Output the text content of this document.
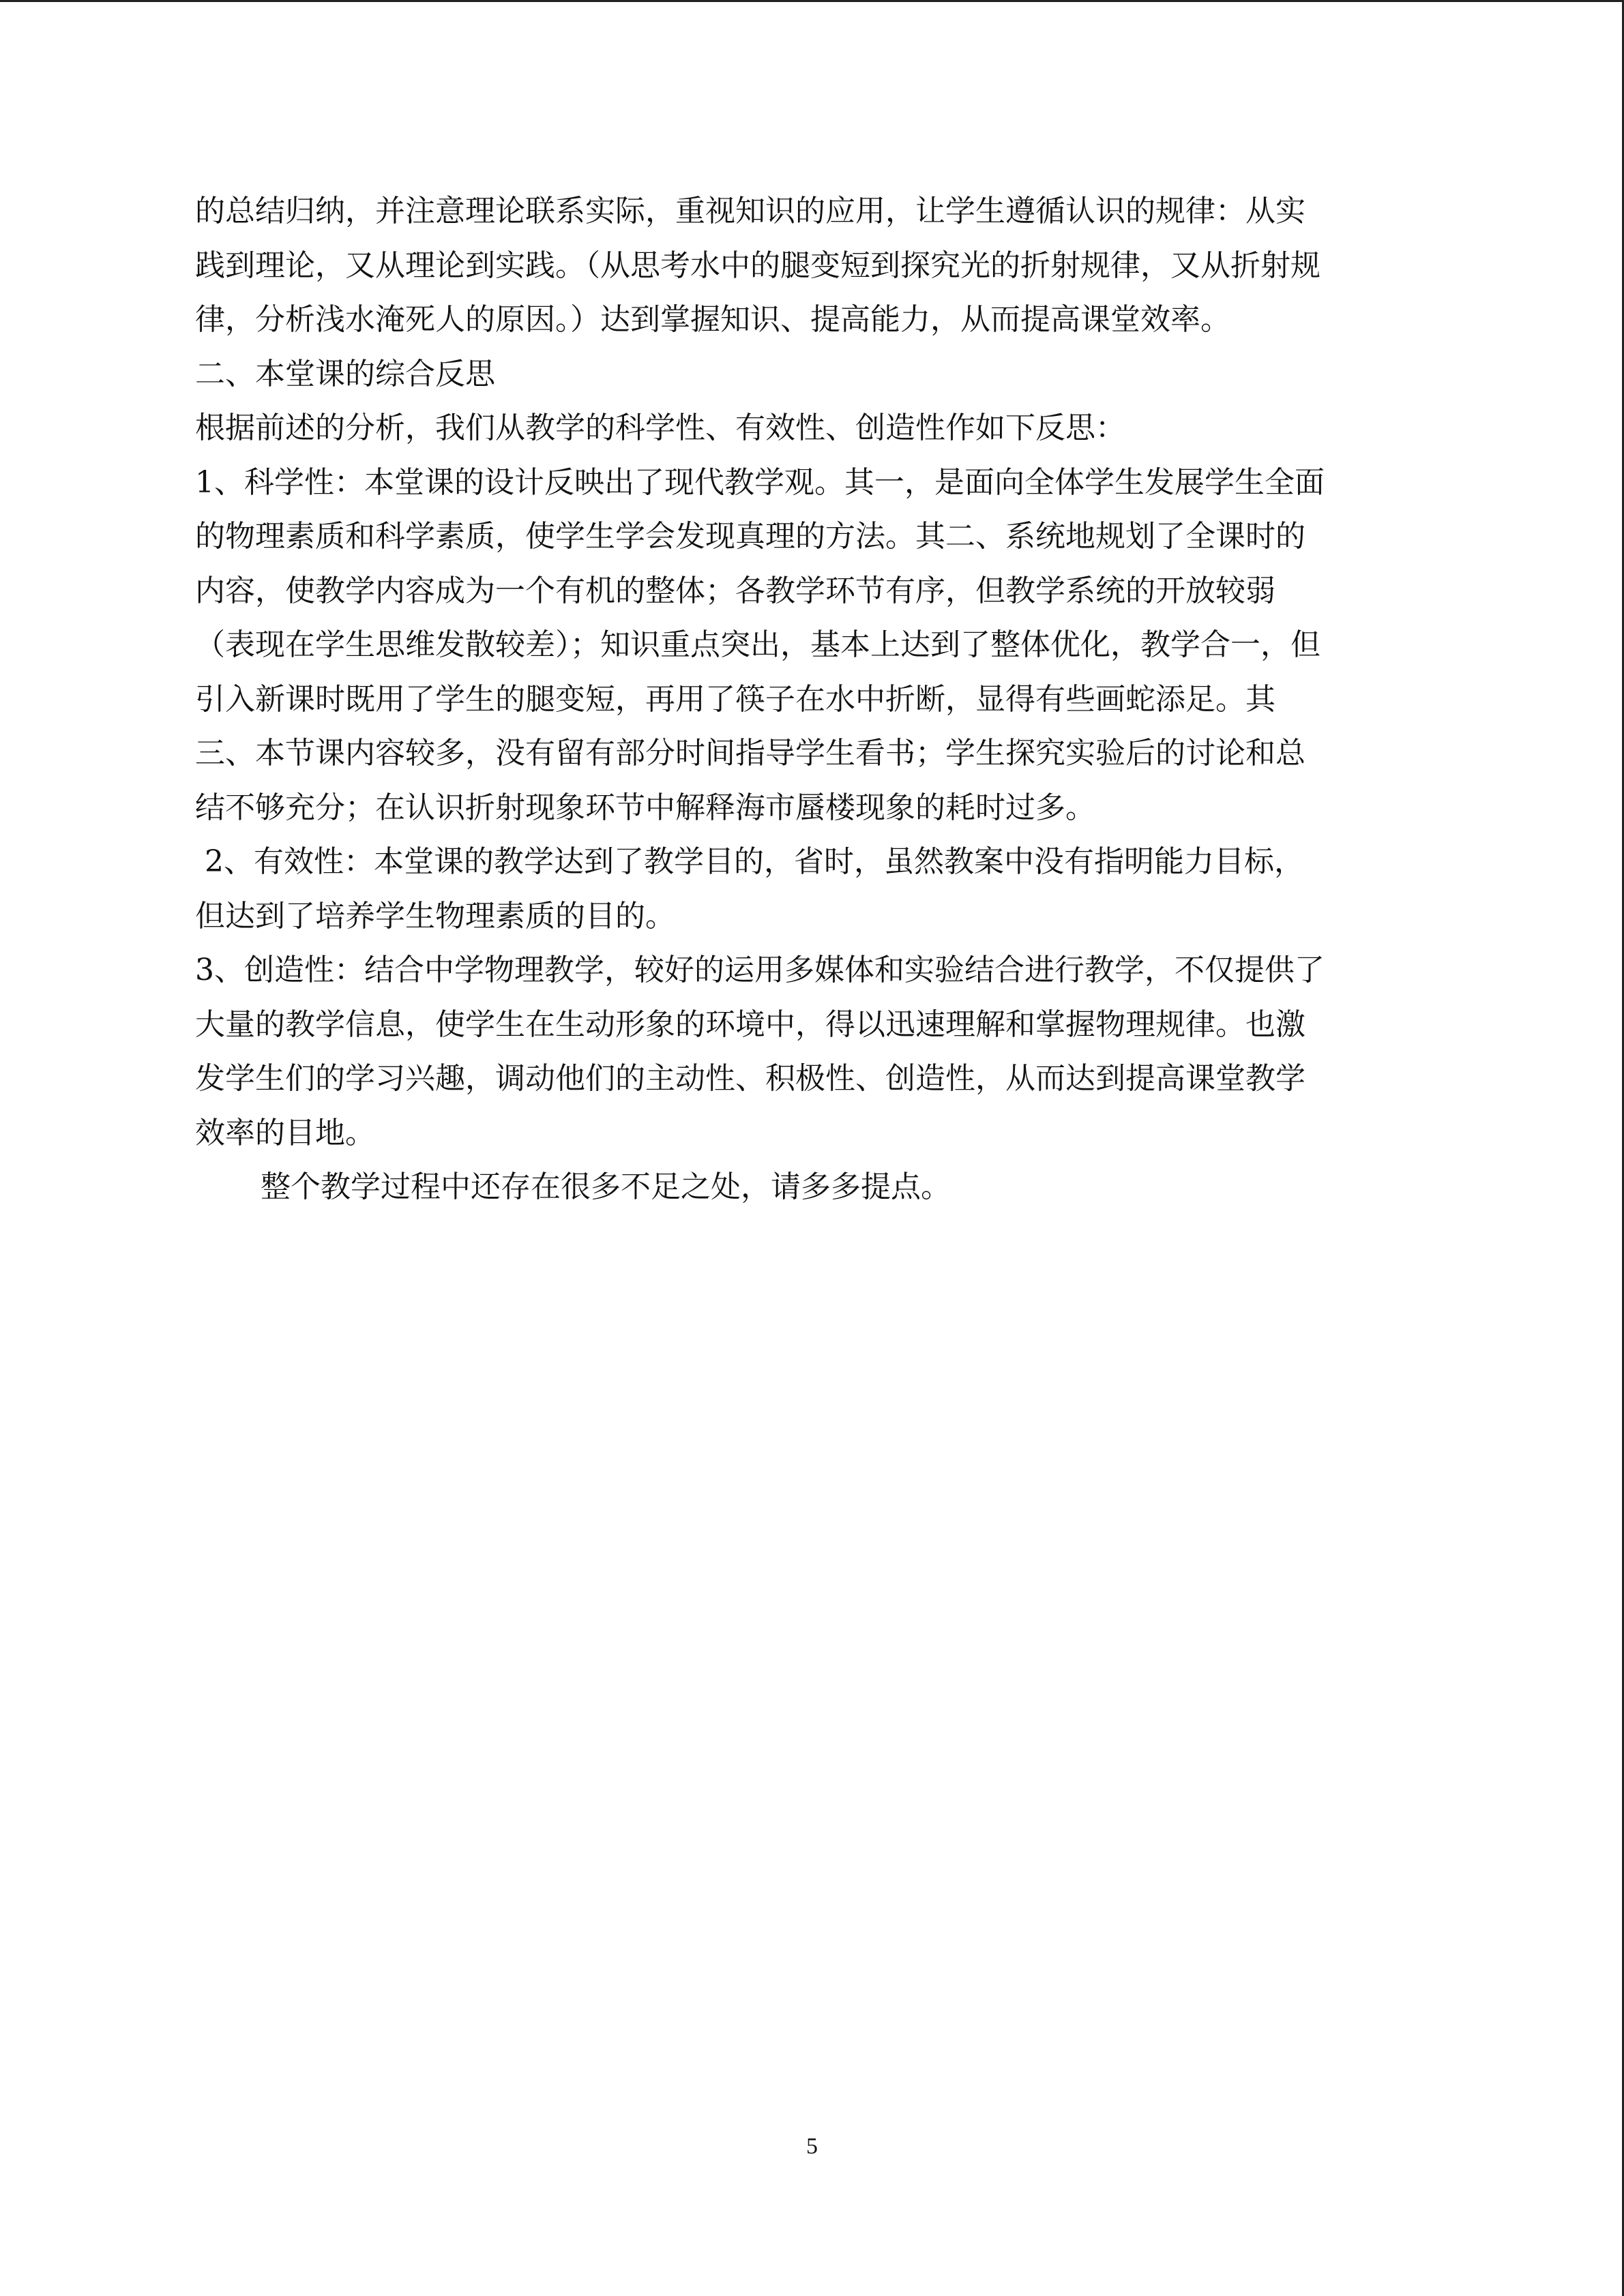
的总结归纳，并注意理论联系实际，重视知识的应用，让学生遵循认识的规律：从实
践到理论，又从理论到实践。（从思考水中的腿变短到探究光的折射规律，又从折射规
律，分析浅水淹死人的原因。）达到掌握知识、提高能力，从而提高课堂效率。
二、本堂课的综合反思
根据前述的分析，我们从教学的科学性、有效性、创造性作如下反思：
1、科学性：本堂课的设计反映出了现代教学观。其一，是面向全体学生发展学生全面
的物理素质和科学素质，使学生学会发现真理的方法。其二、系统地规划了全课时的
内容，使教学内容成为一个有机的整体；各教学环节有序，但教学系统的开放较弱
（表现在学生思维发散较差）；知识重点突出，基本上达到了整体优化，教学合一，但
引入新课时既用了学生的腿变短，再用了筷子在水中折断，显得有些画蛇添足。其
三、本节课内容较多，没有留有部分时间指导学生看书；学生探究实验后的讨论和总
结不够充分；在认识折射现象环节中解释海市蜃楼现象的耗时过多。
2、有效性：本堂课的教学达到了教学目的，省时，虽然教案中没有指明能力目标，
但达到了培养学生物理素质的目的。
3、创造性：结合中学物理教学，较好的运用多媒体和实验结合进行教学，不仅提供了
大量的教学信息，使学生在生动形象的环境中，得以迅速理解和掌握物理规律。也激
发学生们的学习兴趣，调动他们的主动性、积极性、创造性，从而达到提高课堂教学
效率的目地。
整个教学过程中还存在很多不足之处，请多多提点。
5
